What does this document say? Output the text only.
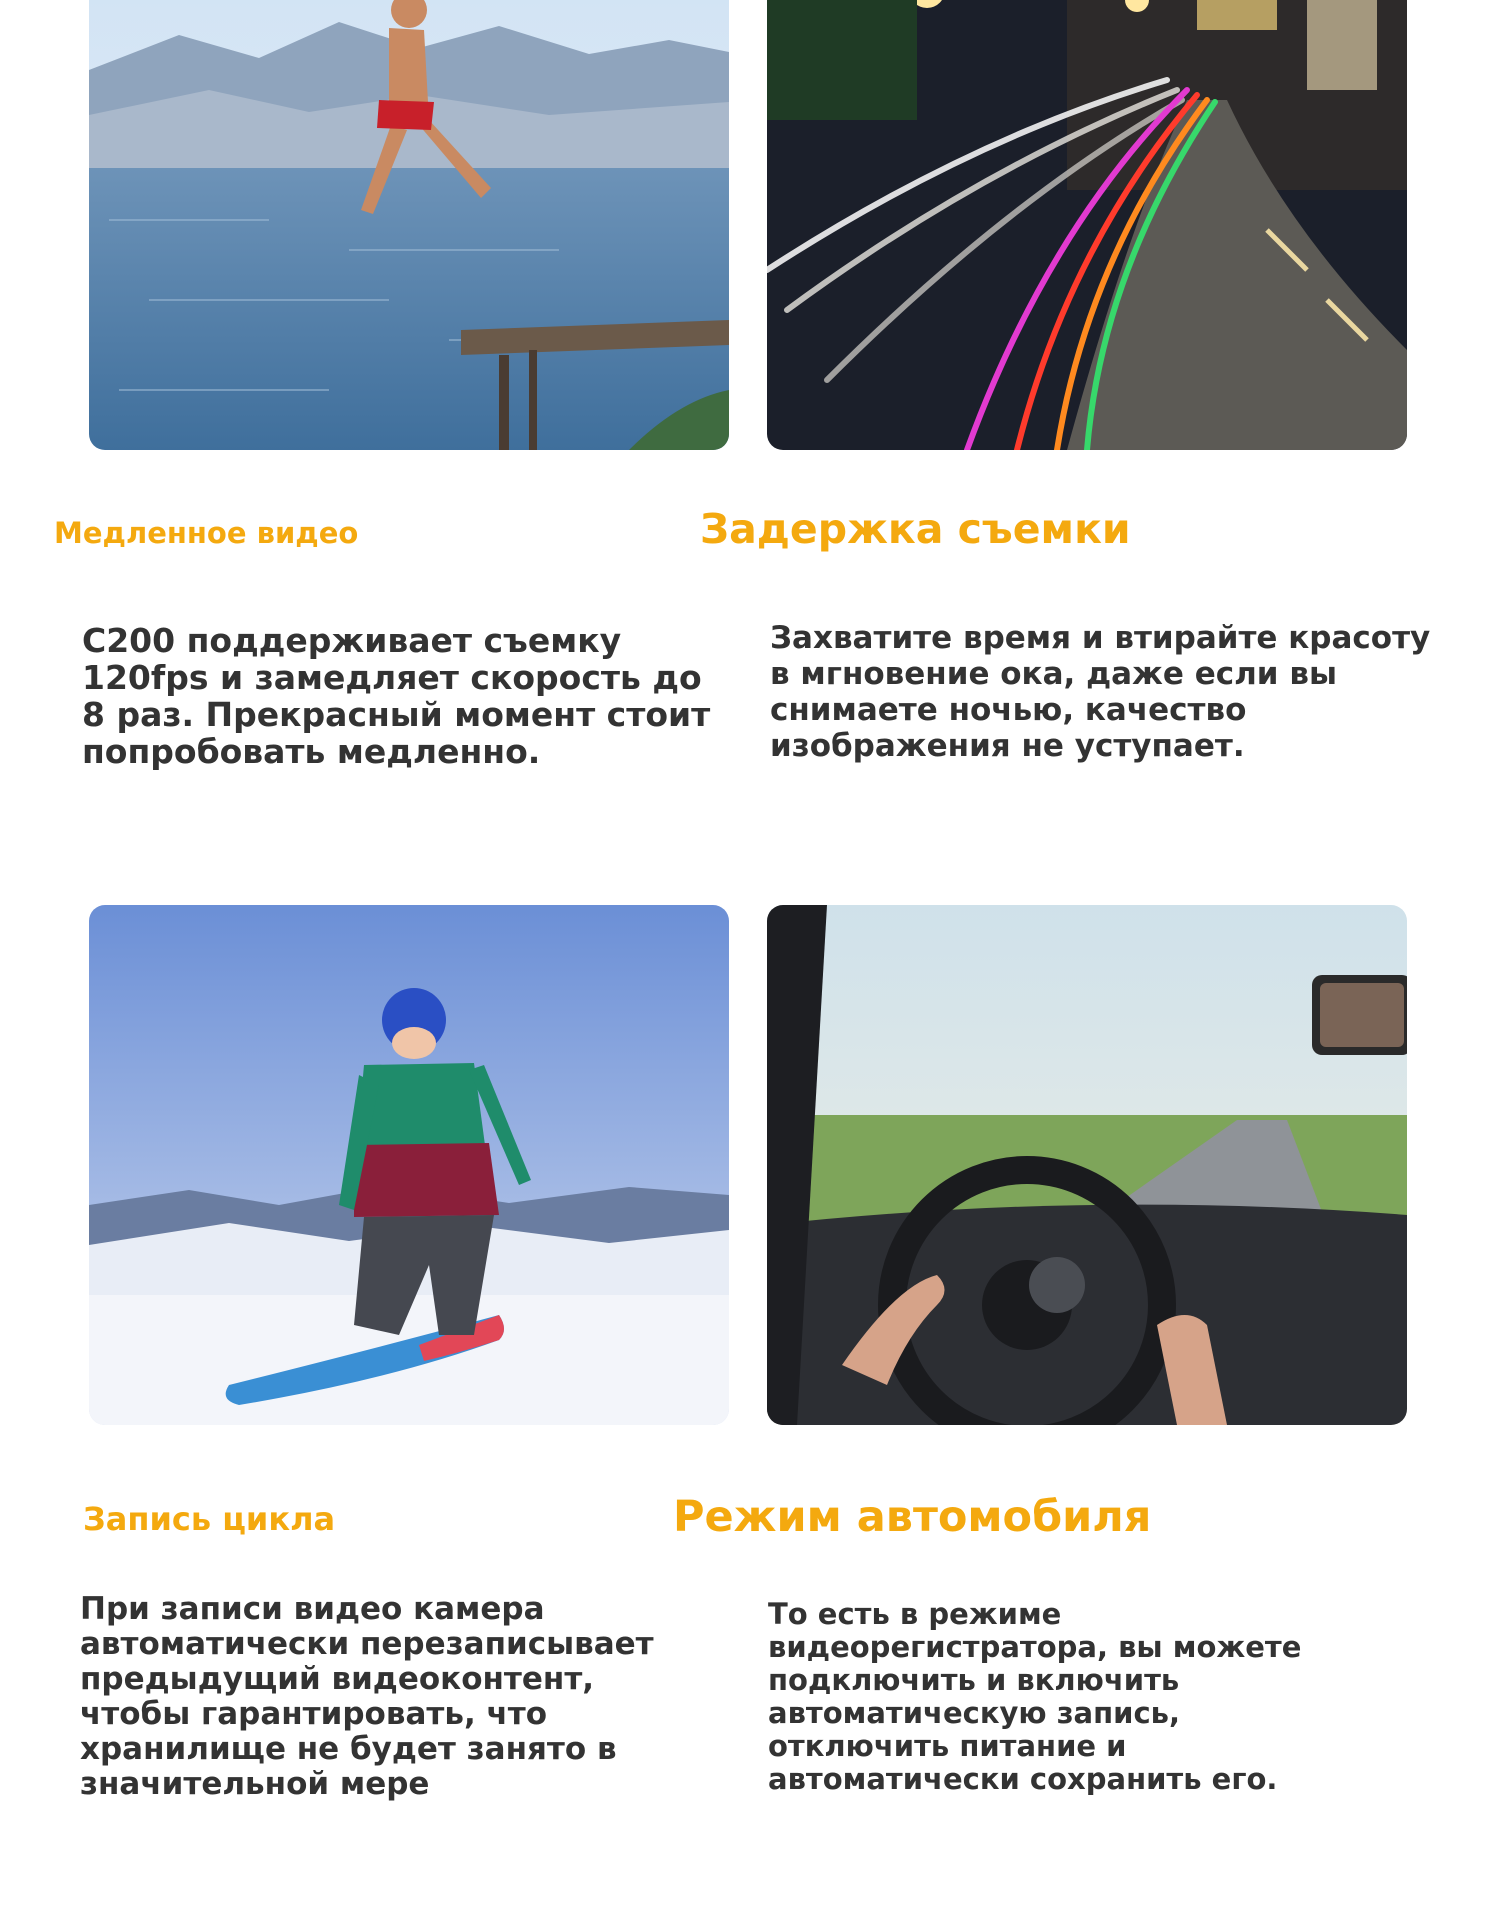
Медленное видео	Задержка съемки
C200 поддерживает съемку 120fps и замедляет скорость до 8 раз. Прекрасный момент стоит попробовать медленно.
Захватите время и втирайте красоту в мгновение ока, даже если вы снимаете ночью, качество изображения не уступает.
Запись цикла	Режим автомобиля
При записи видео камера автоматически перезаписывает предыдущий видеоконтент, чтобы гарантировать, что хранилище не будет занято в значительной мере
То есть в режиме видеорегистратора, вы можете подключить и включить автоматическую запись, отключить питание и автоматически сохранить его.
